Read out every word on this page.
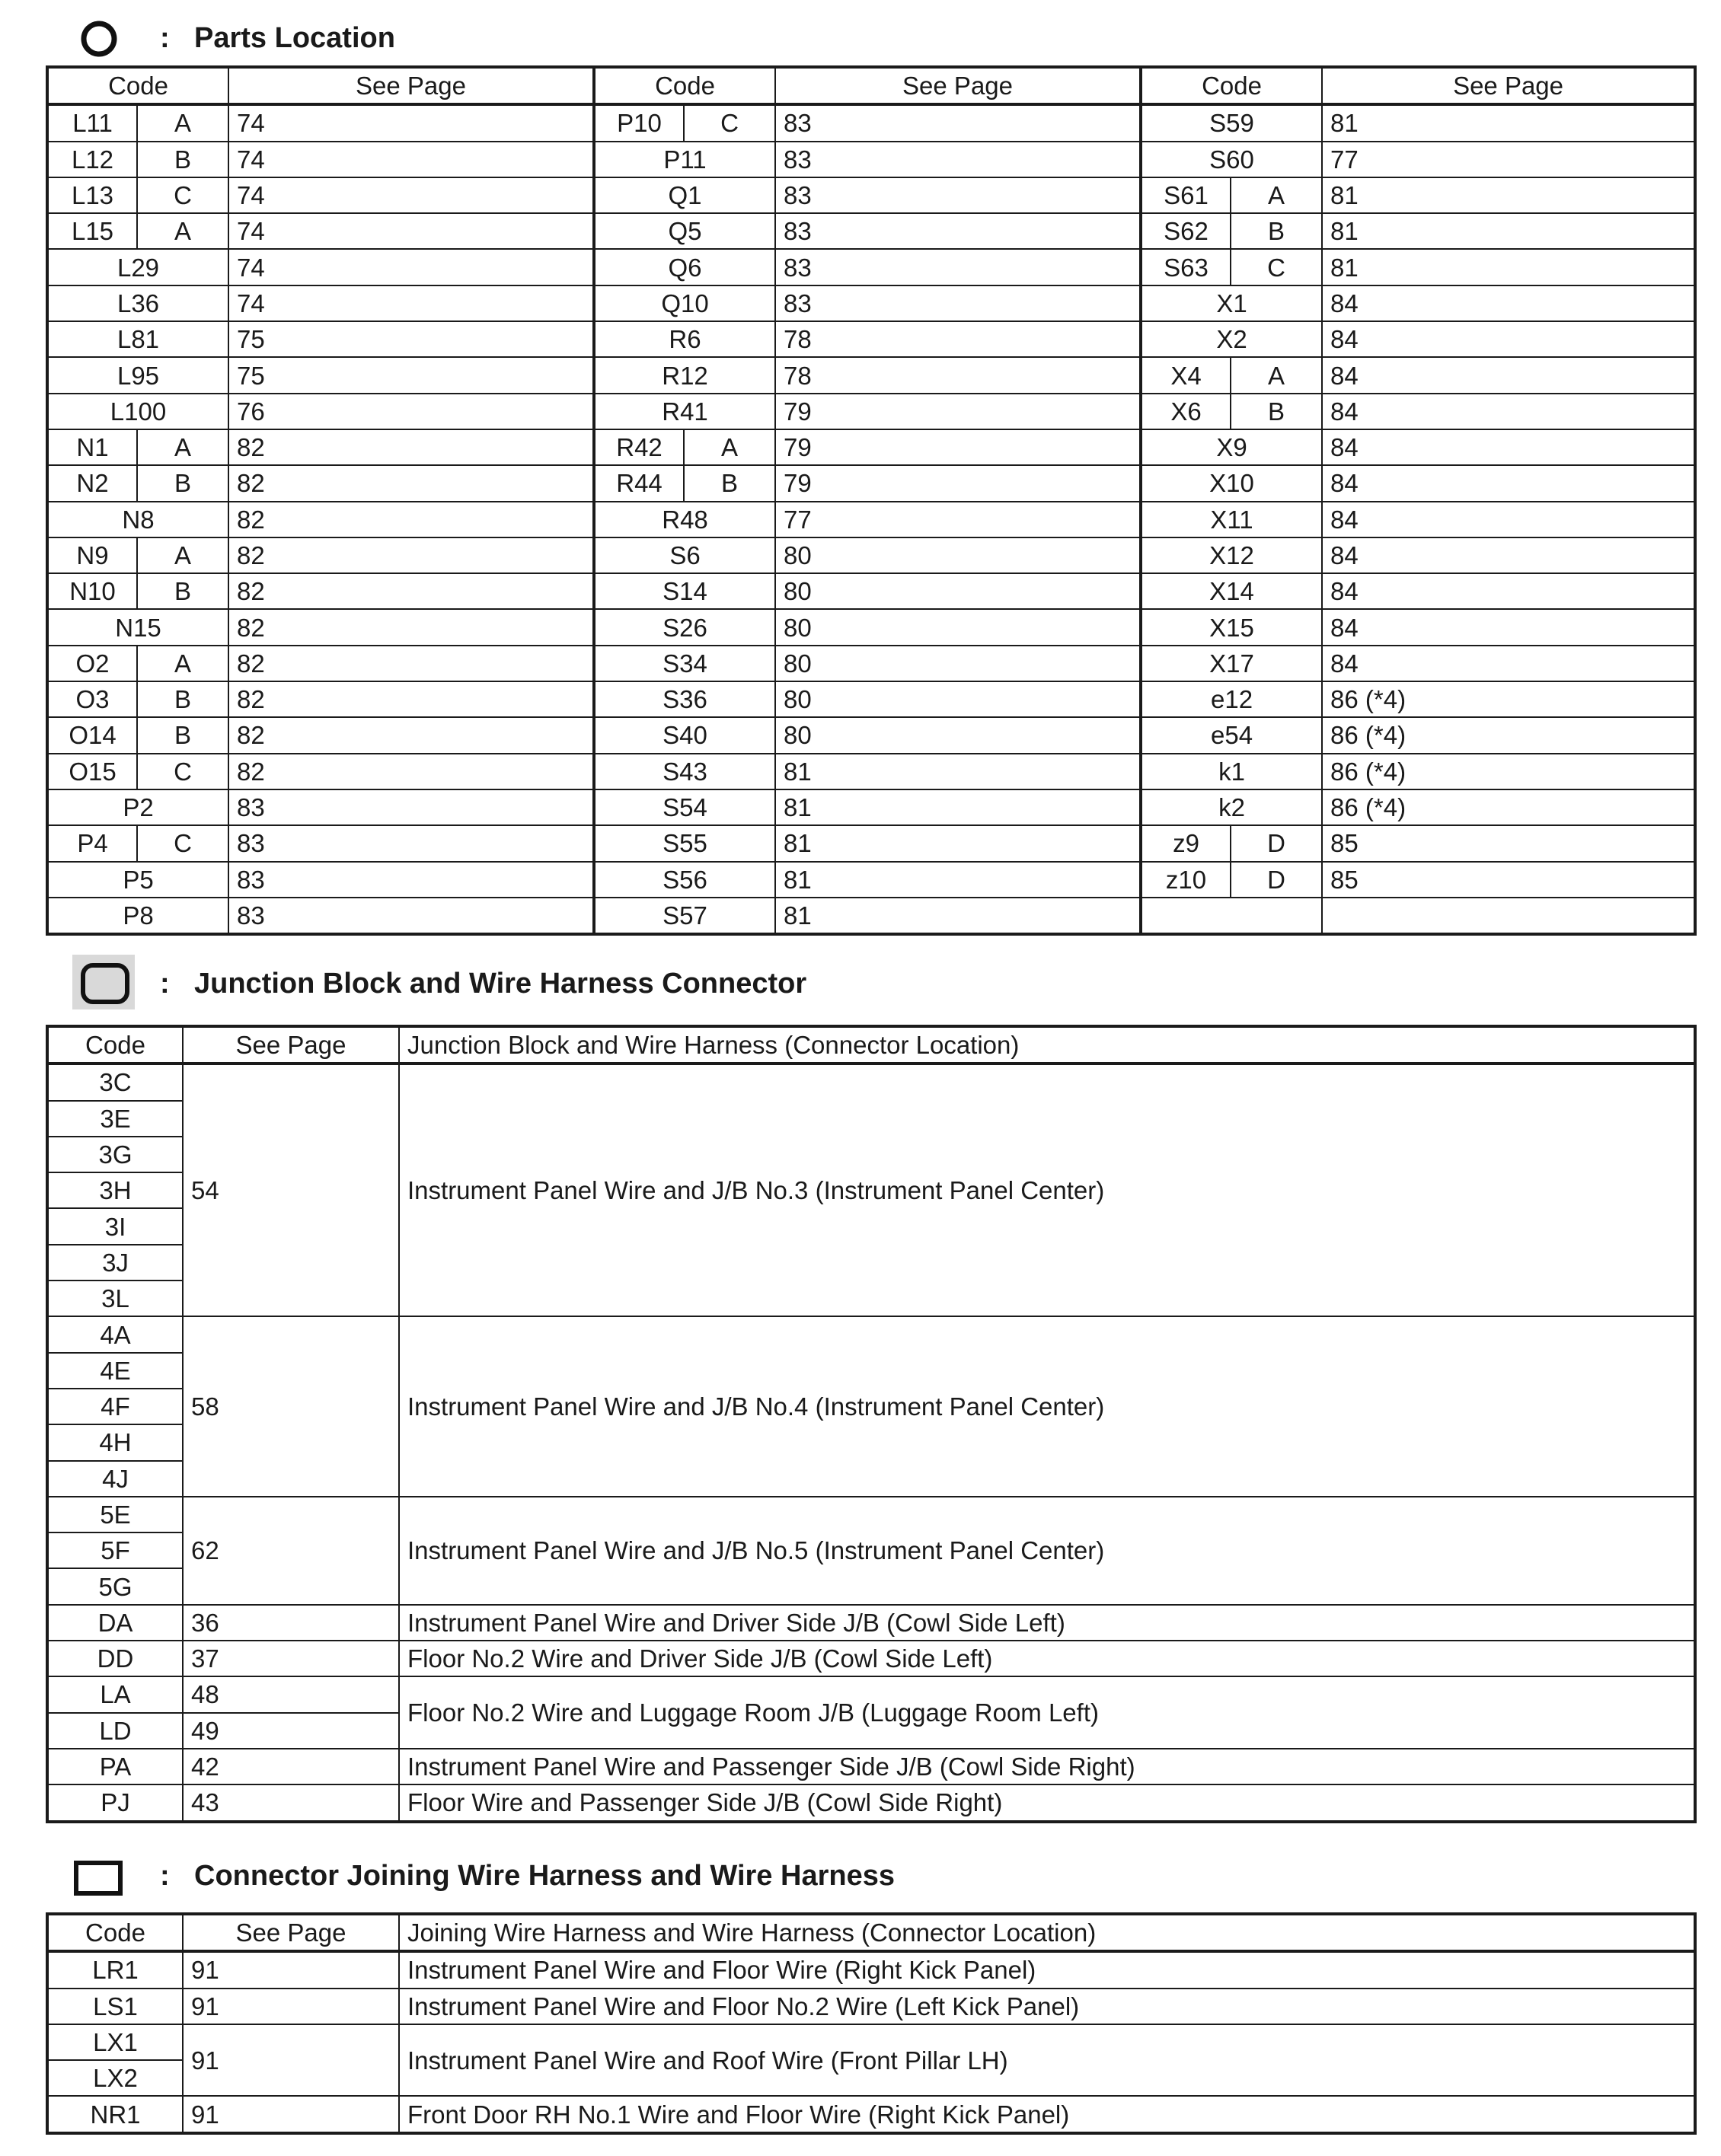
: Parts Location
Code		See Page	Code		See Page	Code		See Page
L11	A	74	P10	C	83	S59		81
L12	B	74	P11		83	S60		77
L13	C	74	Q1		83	S61	A	81
L15	A	74	Q5		83	S62	B	81
L29		74	Q6		83	S63	C	81
L36		74	Q10		83	X1		84
L81		75	R6		78	X2		84
L95		75	R12		78	X4	A	84
L100		76	R41		79	X6	B	84
N1	A	82	R42	A	79	X9		84
N2	B	82	R44	B	79	X10		84
N8		82	R48		77	X11		84
N9	A	82	S6		80	X12		84
N10	B	82	S14		80	X14		84
N15		82	S26		80	X15		84
O2	A	82	S34		80	X17		84
O3	B	82	S36		80	e12		86 (*4)
O14	B	82	S40		80	e54		86 (*4)
O15	C	82	S43		81	k1		86 (*4)
P2		83	S54		81	k2		86 (*4)
P4	C	83	S55		81	z9	D	85
P5		83	S56		81	z10	D	85
P8		83	S57		81			
: Junction Block and Wire Harness Connector
Code	See Page	Junction Block and Wire Harness (Connector Location)
3C	54	Instrument Panel Wire and J/B No.3 (Instrument Panel Center)
3E		
3G		
3H		
3I		
3J		
3L		
4A	58	Instrument Panel Wire and J/B No.4 (Instrument Panel Center)
4E		
4F		
4H		
4J		
5E	62	Instrument Panel Wire and J/B No.5 (Instrument Panel Center)
5F		
5G		
DA	36	Instrument Panel Wire and Driver Side J/B (Cowl Side Left)
DD	37	Floor No.2 Wire and Driver Side J/B (Cowl Side Left)
LA	48	Floor No.2 Wire and Luggage Room J/B (Luggage Room Left)
LD	49	
PA	42	Instrument Panel Wire and Passenger Side J/B (Cowl Side Right)
PJ	43	Floor Wire and Passenger Side J/B (Cowl Side Right)
: Connector Joining Wire Harness and Wire Harness
Code	See Page	Joining Wire Harness and Wire Harness (Connector Location)
LR1	91	Instrument Panel Wire and Floor Wire (Right Kick Panel)
LS1	91	Instrument Panel Wire and Floor No.2 Wire (Left Kick Panel)
LX1	91	Instrument Panel Wire and Roof Wire (Front Pillar LH)
LX2		
NR1	91	Front Door RH No.1 Wire and Floor Wire (Right Kick Panel)
